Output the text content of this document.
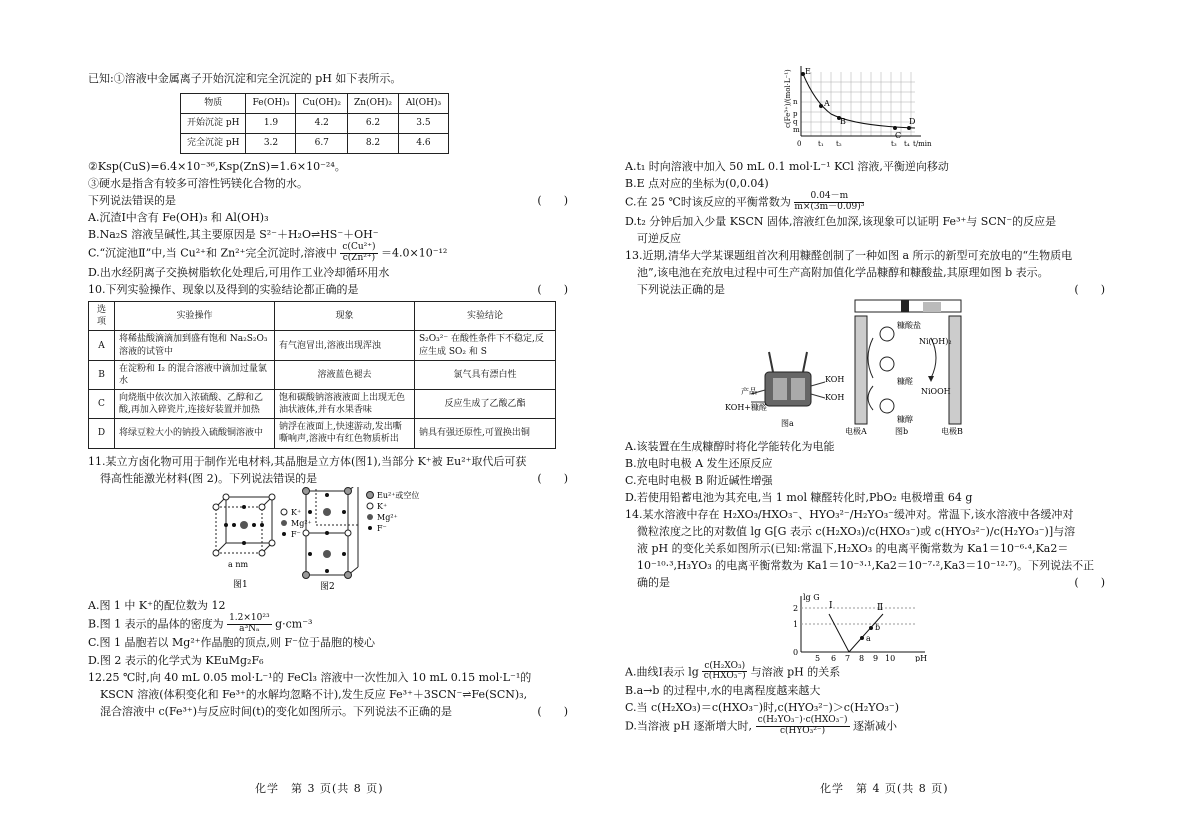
已知:①溶液中金属离子开始沉淀和完全沉淀的 pH 如下表所示。
物质	Fe(OH)₃	Cu(OH)₂	Zn(OH)₂	Al(OH)₃
开始沉淀 pH	1.9	4.2	6.2	3.5
完全沉淀 pH	3.2	6.7	8.2	4.6
②Ksp(CuS)=6.4×10⁻³⁶,Ksp(ZnS)=1.6×10⁻²⁴。
③硬水是指含有较多可溶性钙镁化合物的水。
下列说法错误的是	(　　)
A.沉渣Ⅰ中含有 Fe(OH)₃ 和 Al(OH)₃
B.Na₂S 溶液呈碱性,其主要原因是 S²⁻＋H₂O⇌HS⁻＋OH⁻
C.“沉淀池Ⅱ”中,当 Cu²⁺和 Zn²⁺完全沉淀时,溶液中 $\frac{\text{c(Cu²⁺)}}{\text{c(Zn²⁺)}} =4.0\times 10^{-12}$
D.出水经阴离子交换树脂软化处理后,可用作工业冷却循环用水
10.下列实验操作、现象以及得到的实验结论都正确的是	(　　)
选项	实验操作	现象	实验结论
A	将稀盐酸滴滴加到盛有饱和 Na₂S₂O₃ 溶液的试管中	有气泡冒出,溶液出现浑浊	S₂O₃²⁻ 在酸性条件下不稳定,反应生成 SO₂ 和 S
B	在淀粉和 I₂ 的混合溶液中滴加过量氯水	溶液蓝色褪去	氯气具有漂白性
C	向烧瓶中依次加入浓硫酸、乙醇和乙酸,再加入碎瓷片,连接好装置并加热	饱和碳酸钠溶液液面上出现无色油状液体,并有水果香味	反应生成了乙酸乙酯
D	将绿豆粒大小的钠投入硫酸铜溶液中	钠浮在液面上,快速游动,发出嘶嘶响声,溶液中有红色物质析出	钠具有强还原性,可置换出铜
11.某立方卤化物可用于制作光电材料,其晶胞是立方体(图1),当部分 K⁺被 Eu²⁺取代后可获
得高性能激光材料(图 2)。下列说法错误的是	(　　)
a nm
图1
K⁺
Mg²⁺
F⁻
图2
Eu²⁺或空位
K⁺
Mg²⁺
F⁻
A.图 1 中 K⁺的配位数为 12
B.图 1 表示的晶体的密度为 $\frac{\text{1.2×10²³}}{\text{a³Nₐ}} g\cdot cm^{-3}$
C.图 1 晶胞若以 Mg²⁺作晶胞的顶点,则 F⁻位于晶胞的棱心
D.图 2 表示的化学式为 KEuMg₂F₆
12.25 ℃时,向 40 mL 0.05 mol·L⁻¹的 FeCl₃ 溶液中一次性加入 10 mL 0.15 mol·L⁻¹的
KSCN 溶液(体积变化和 Fe³⁺的水解均忽略不计),发生反应 Fe³⁺＋3SCN⁻⇌Fe(SCN)₃,
混合溶液中 c(Fe³⁺)与反应时间(t)的变化如图所示。下列说法不正确的是	(　　)
化学　第 3 页(共 8 页)
E
A
B
C
D
n
p
q
m
0 t₁ t₂	t₃ t₄ t/min
c(Fe³⁺)/(mol·L⁻¹)
A.t₁ 时向溶液中加入 50 mL 0.1 mol·L⁻¹ KCl 溶液,平衡逆向移动
B.E 点对应的坐标为(0,0.04)
C.在 25 ℃时该反应的平衡常数为 $\frac{0.04-m}{\text{m×(3m－0.09)³}}$
D.t₂ 分钟后加入少量 KSCN 固体,溶液红色加深,该现象可以证明 Fe³⁺与 SCN⁻的反应是
可逆反应
13.近期,清华大学某课题组首次利用糠醛创制了一种如图 a 所示的新型可充放电的“生物质电
池”,该电池在充放电过程中可生产高附加值化学品糠醇和糠酸盐,其原理如图 b 表示。
下列说法正确的是	(　　)
产品
KOH
KOH
KOH+糠醛
图a
糠酸盐
糠醛
糠醇
Ni(OH)₂
NiOOH
电极A	电极B
图b
A.该装置在生成糠醇时将化学能转化为电能
B.放电时电极 A 发生还原反应
C.充电时电极 B 附近碱性增强
D.若使用铅蓄电池为其充电,当 1 mol 糠醛转化时,PbO₂ 电极增重 64 g
14.某水溶液中存在 H₂XO₃/HXO₃⁻、HYO₃²⁻/H₂YO₃⁻缓冲对。常温下,该水溶液中各缓冲对
微粒浓度之比的对数值 lg G[G 表示 c(H₂XO₃)/c(HXO₃⁻)或 c(HYO₃²⁻)/c(H₂YO₃⁻)]与溶
液 pH 的变化关系如图所示(已知:常温下,H₂XO₃ 的电离平衡常数为 Ka1＝10⁻⁶·⁴,Ka2＝
10⁻¹⁰·³,H₃YO₃ 的电离平衡常数为 Ka1＝10⁻³·¹,Ka2＝10⁻⁷·²,Ka3＝10⁻¹²·⁷)。下列说法不正
确的是	(　　)
Ⅰ	Ⅱ
a
b
lg G
2
1
0
5 6 7 8 9 10 pH
A.曲线Ⅰ表示 $\lg \frac{\text{c(H₂XO₃)}}{\text{c(HXO₃⁻)}}$ 与溶液 pH 的关系
B.a→b 的过程中,水的电离程度越来越大
C.当 c(H₂XO₃)＝c(HXO₃⁻)时,c(HYO₃²⁻)＞c(H₂YO₃⁻)
D.当溶液 pH 逐渐增大时, $\frac{\text{c(H₂YO₃⁻)·c(HXO₃⁻)}}{\text{c(HYO₃²⁻)}}$ 逐渐减小
化学　第 4 页(共 8 页)
